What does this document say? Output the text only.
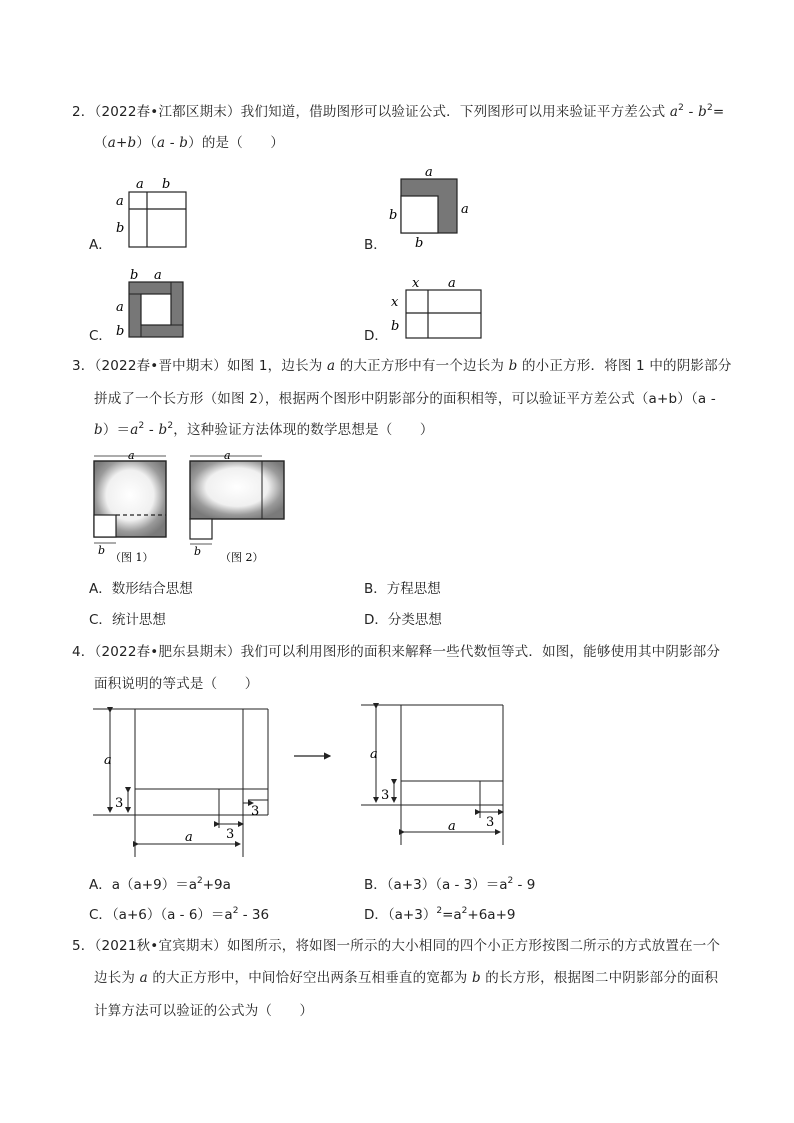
2．（2022春•江都区期末）我们知道，借助图形可以验证公式．下列图形可以用来验证平方差公式 $a^2 - b^2=$
（a+b）（a - b）的是（　　）
A．
a b
a
b
B．
a
a
b
b
C．
b a
a
b	D．
x a
x
b
3．（2022春•晋中期末）如图 1，边长为 a 的大正方形中有一个边长为 b 的小正方形．将图 1 中的阴影部分
拼成了一个长方形（如图 2），根据两个图形中阴影部分的面积相等，可以验证平方差公式（a+b）（a -
$b)=a^2 - b^2$，这种验证方法体现的数学思想是（　　）
a
b
（图 1）
a
b （图 2）
A．数形结合思想	B．方程思想
C．统计思想	D．分类思想
4．（2022春•肥东县期末）我们可以利用图形的面积来解释一些代数恒等式．如图，能够使用其中阴影部分
面积说明的等式是（　　）
a
3
3
3
a
a
3
3
a
A．$a(a+9)=a^2+9a$	B．$(a+3)(a - 3)=a^2 - 9$
C．$(a+6)(a - 6)=a^2 - 36$	D．$(a+3)^2=a^2+6a+9$
5．（2021秋•宜宾期末）如图所示，将如图一所示的大小相同的四个小正方形按图二所示的方式放置在一个
边长为 a 的大正方形中，中间恰好空出两条互相垂直的宽都为 b 的长方形，根据图二中阴影部分的面积
计算方法可以验证的公式为（　　）
